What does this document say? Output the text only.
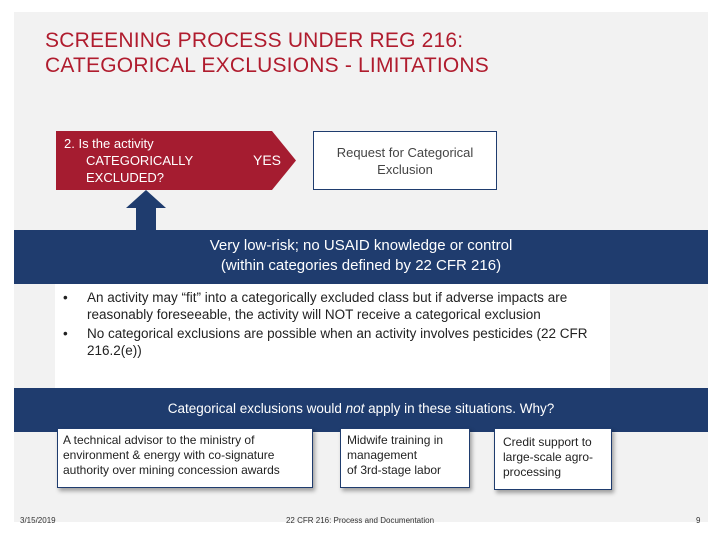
SCREENING PROCESS UNDER REG 216:
CATEGORICAL EXCLUSIONS - LIMITATIONS
2. Is the activity
CATEGORICALLY
EXCLUDED?
YES	Request for Categorical
Exclusion
Very low-risk; no USAID knowledge or control
(within categories defined by 22 CFR 216)
• An activity may “fit” into a categorically excluded class but if adverse impacts are reasonably foreseeable, the activity will NOT receive a categorical exclusion
• No categorical exclusions are possible when an activity involves pesticides (22 CFR 216.2(e))
Categorical exclusions would not apply in these situations. Why?
A technical advisor to the ministry of
environment & energy with co-signature
authority over mining concession awards
Midwife training in
management
of 3rd-stage labor
Credit support to
large-scale agro-
processing
3/15/2019	22 CFR 216: Process and Documentation	9
